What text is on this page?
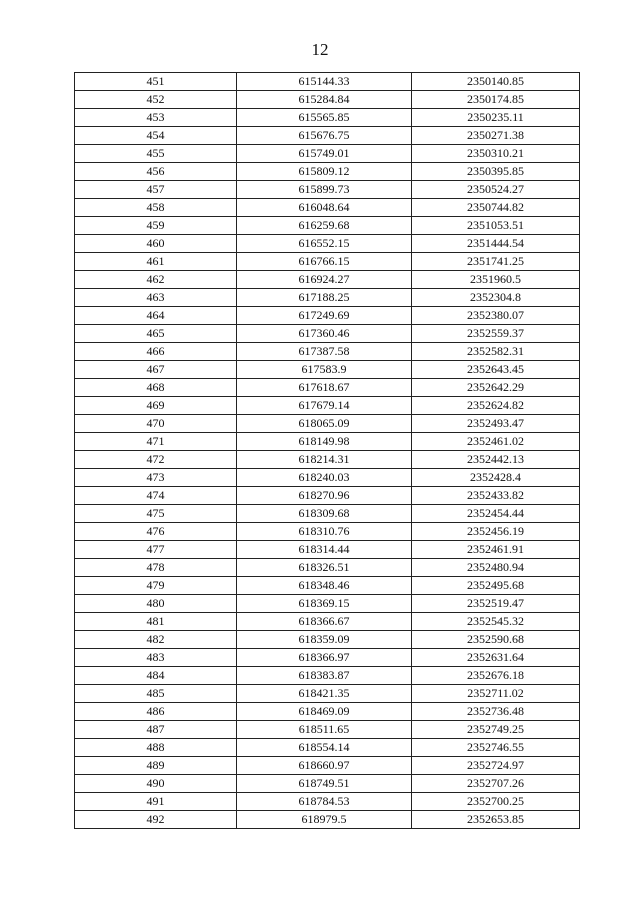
12
451	615144.33	2350140.85
452	615284.84	2350174.85
453	615565.85	2350235.11
454	615676.75	2350271.38
455	615749.01	2350310.21
456	615809.12	2350395.85
457	615899.73	2350524.27
458	616048.64	2350744.82
459	616259.68	2351053.51
460	616552.15	2351444.54
461	616766.15	2351741.25
462	616924.27	2351960.5
463	617188.25	2352304.8
464	617249.69	2352380.07
465	617360.46	2352559.37
466	617387.58	2352582.31
467	617583.9	2352643.45
468	617618.67	2352642.29
469	617679.14	2352624.82
470	618065.09	2352493.47
471	618149.98	2352461.02
472	618214.31	2352442.13
473	618240.03	2352428.4
474	618270.96	2352433.82
475	618309.68	2352454.44
476	618310.76	2352456.19
477	618314.44	2352461.91
478	618326.51	2352480.94
479	618348.46	2352495.68
480	618369.15	2352519.47
481	618366.67	2352545.32
482	618359.09	2352590.68
483	618366.97	2352631.64
484	618383.87	2352676.18
485	618421.35	2352711.02
486	618469.09	2352736.48
487	618511.65	2352749.25
488	618554.14	2352746.55
489	618660.97	2352724.97
490	618749.51	2352707.26
491	618784.53	2352700.25
492	618979.5	2352653.85
